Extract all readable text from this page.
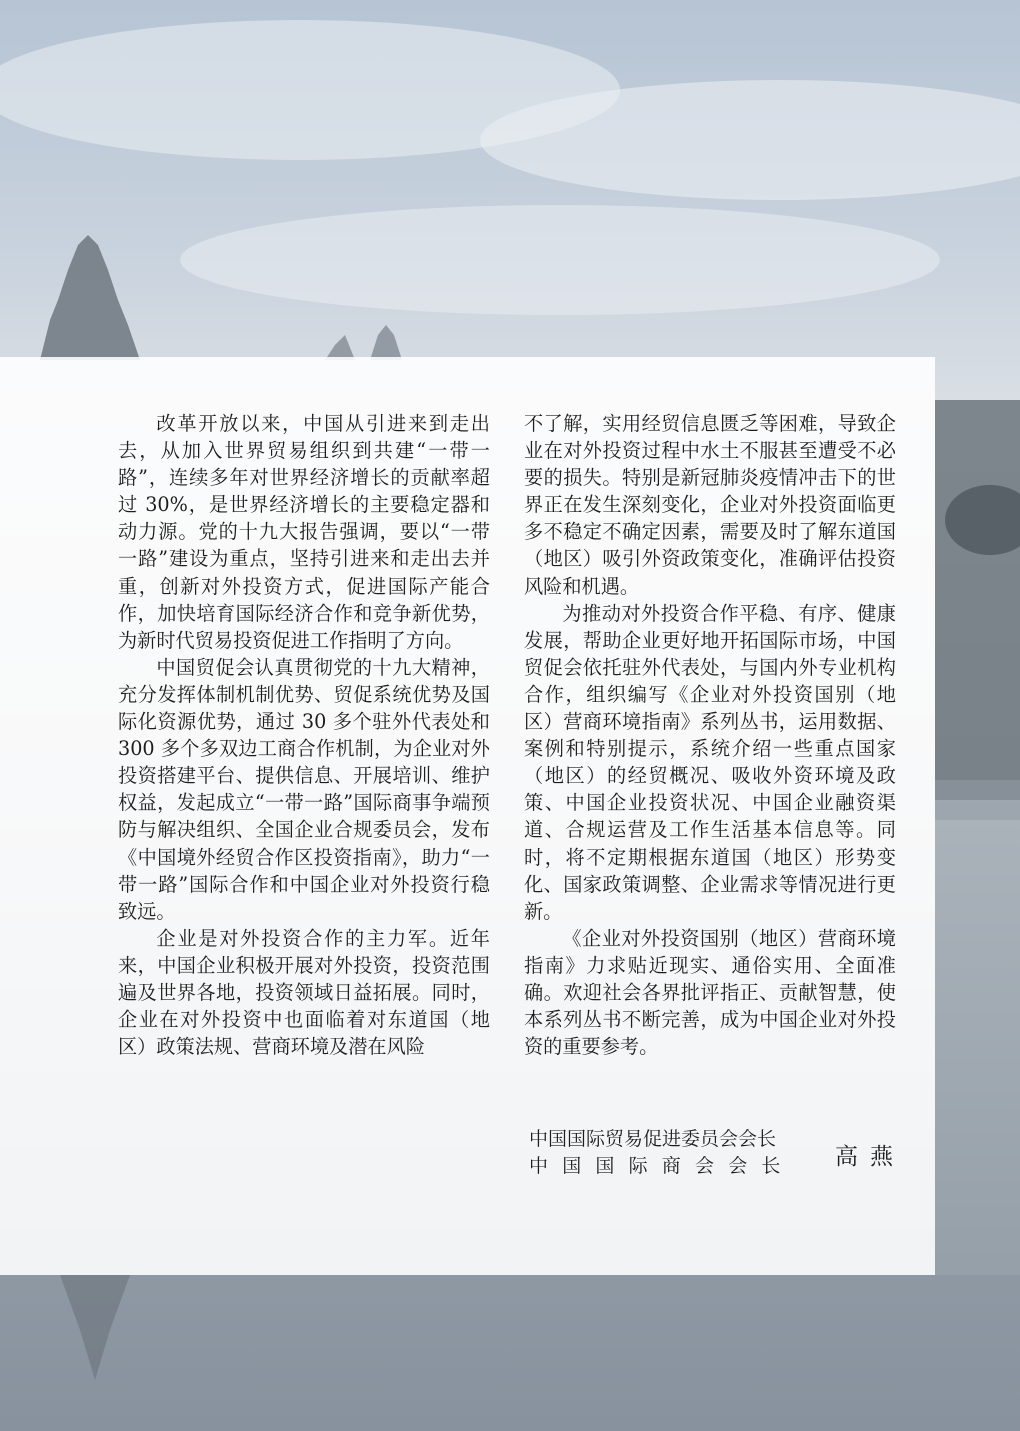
改革开放以来，中国从引进来到走出去，从加入世界贸易组织到共建“一带一路”，连续多年对世界经济增长的贡献率超过 30%，是世界经济增长的主要稳定器和动力源。党的十九大报告强调，要以“一带一路”建设为重点，坚持引进来和走出去并重，创新对外投资方式，促进国际产能合作，加快培育国际经济合作和竞争新优势，为新时代贸易投资促进工作指明了方向。

中国贸促会认真贯彻党的十九大精神，充分发挥体制机制优势、贸促系统优势及国际化资源优势，通过 30 多个驻外代表处和 300 多个多双边工商合作机制，为企业对外投资搭建平台、提供信息、开展培训、维护权益，发起成立“一带一路”国际商事争端预防与解决组织、全国企业合规委员会，发布《中国境外经贸合作区投资指南》，助力“一带一路”国际合作和中国企业对外投资行稳致远。

企业是对外投资合作的主力军。近年来，中国企业积极开展对外投资，投资范围遍及世界各地，投资领域日益拓展。同时，企业在对外投资中也面临着对东道国（地区）政策法规、营商环境及潜在风险

不了解，实用经贸信息匮乏等困难，导致企业在对外投资过程中水土不服甚至遭受不必要的损失。特别是新冠肺炎疫情冲击下的世界正在发生深刻变化，企业对外投资面临更多不稳定不确定因素，需要及时了解东道国（地区）吸引外资政策变化，准确评估投资风险和机遇。

为推动对外投资合作平稳、有序、健康发展，帮助企业更好地开拓国际市场，中国贸促会依托驻外代表处，与国内外专业机构合作，组织编写《企业对外投资国别（地区）营商环境指南》系列丛书，运用数据、案例和特别提示，系统介绍一些重点国家（地区）的经贸概况、吸收外资环境及政策、中国企业投资状况、中国企业融资渠道、合规运营及工作生活基本信息等。同时，将不定期根据东道国（地区）形势变化、国家政策调整、企业需求等情况进行更新。

《企业对外投资国别（地区）营商环境指南》力求贴近现实、通俗实用、全面准确。欢迎社会各界批评指正、贡献智慧，使本系列丛书不断完善，成为中国企业对外投资的重要参考。

中国国际贸易促进委员会会长
中国国际商会会长 高燕
